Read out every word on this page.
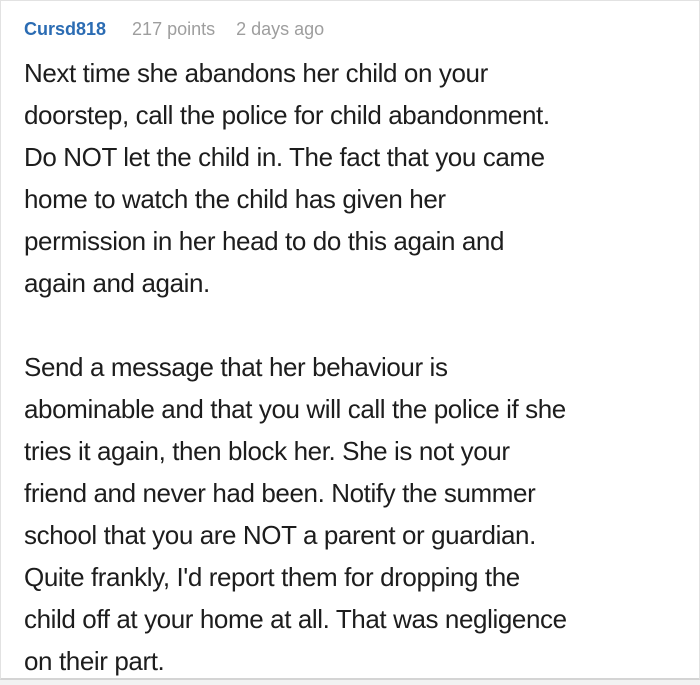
Cursd818 217 points 2 days ago

Next time she abandons her child on your
doorstep, call the police for child abandonment.
Do NOT let the child in. The fact that you came
home to watch the child has given her
permission in her head to do this again and
again and again.

Send a message that her behaviour is
abominable and that you will call the police if she
tries it again, then block her. She is not your
friend and never had been. Notify the summer
school that you are NOT a parent or guardian.
Quite frankly, I'd report them for dropping the
child off at your home at all. That was negligence
on their part.
